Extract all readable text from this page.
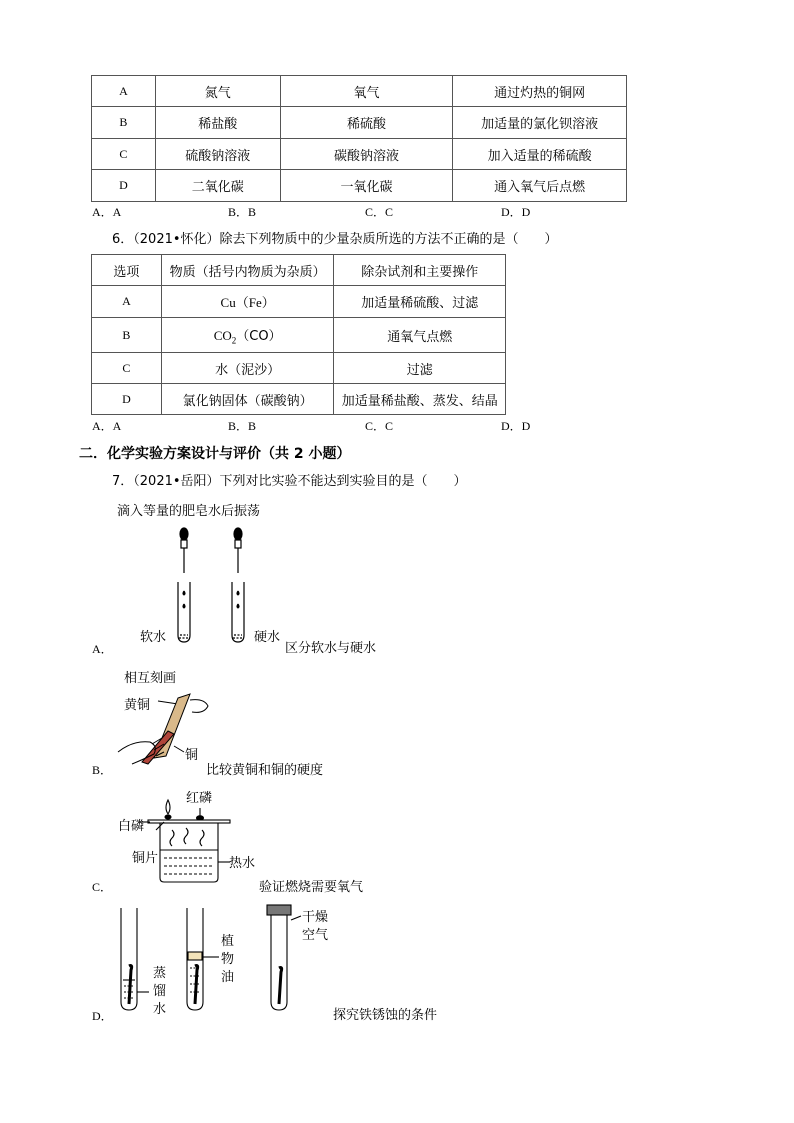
A	氮气	氧气	通过灼热的铜网
B	稀盐酸	稀硫酸	加适量的氯化钡溶液
C	硫酸钠溶液	碳酸钠溶液	加入适量的稀硫酸
D	二氧化碳	一氧化碳	通入氧气后点燃
A．A	B．B	C．C	D．D
6．（2021•怀化）除去下列物质中的少量杂质所选的方法不正确的是（　　）
选项	物质（括号内物质为杂质）	除杂试剂和主要操作
A	Cu（Fe）	加适量稀硫酸、过滤
B	$CO_2(CO)$	通氧气点燃
C	水（泥沙）	过滤
D	氯化钠固体（碳酸钠）	加适量稀盐酸、蒸发、结晶
A．A	B．B	C．C	D．D
二．化学实验方案设计与评价（共 2 小题）
7．（2021•岳阳）下列对比实验不能达到实验目的是（　　）
滴入等量的肥皂水后振荡
软水	硬水
区分软水与硬水
A．
相互刻画
黄铜
铜
比较黄铜和铜的硬度
B．
红磷
白磷
铜片	热水
验证燃烧需要氧气
C．
蒸
馏
水
植
物
油
干燥
空气
探究铁锈蚀的条件
D．
